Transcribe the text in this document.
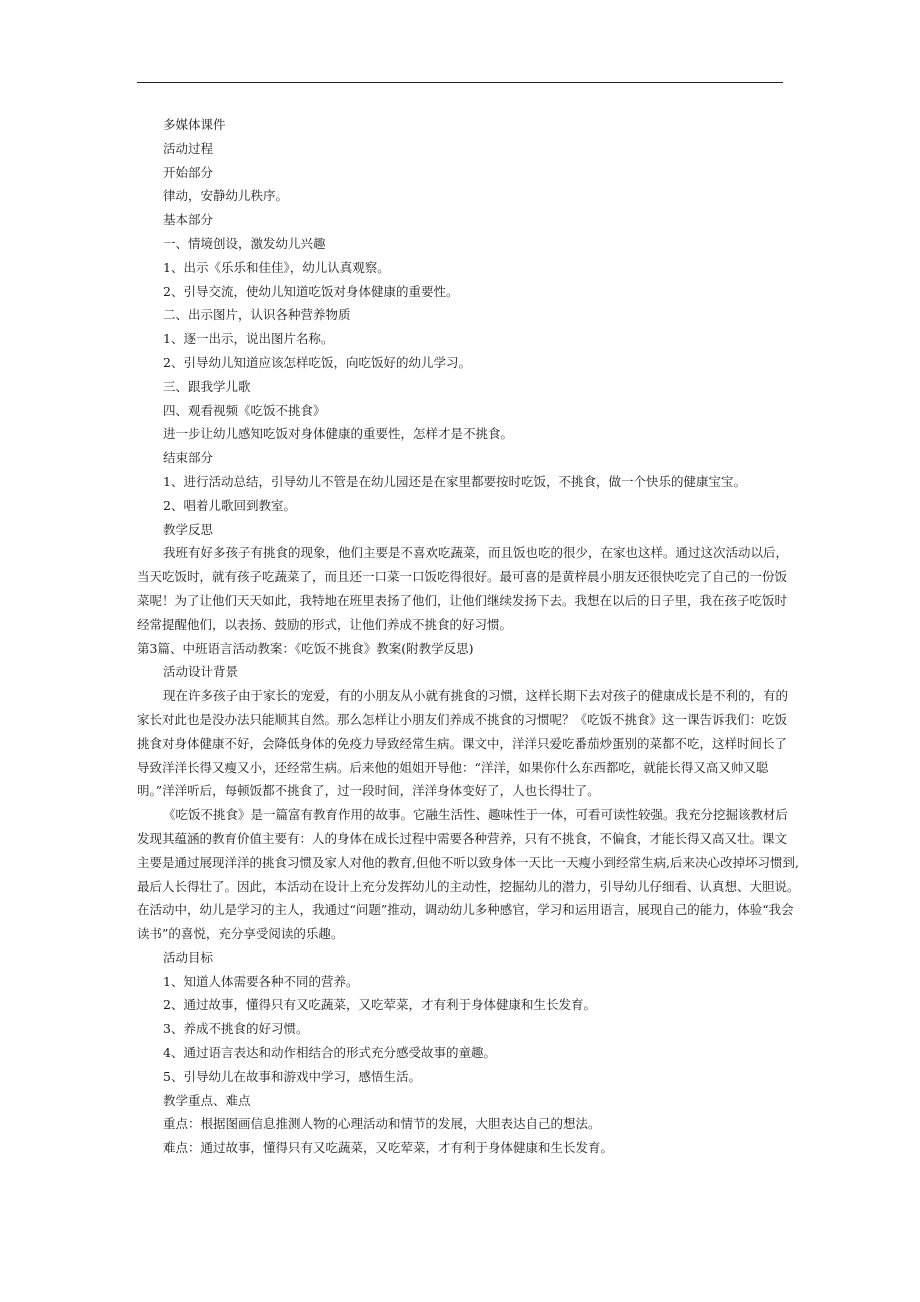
多媒体课件
活动过程
开始部分
律动，安静幼儿秩序。
基本部分
一、情境创设，激发幼儿兴趣
1、出示《乐乐和佳佳》，幼儿认真观察。
2、引导交流，使幼儿知道吃饭对身体健康的重要性。
二、出示图片，认识各种营养物质
1、逐一出示，说出图片名称。
2、引导幼儿知道应该怎样吃饭，向吃饭好的幼儿学习。
三、跟我学儿歌
四、观看视频《吃饭不挑食》
进一步让幼儿感知吃饭对身体健康的重要性，怎样才是不挑食。
结束部分
1、进行活动总结，引导幼儿不管是在幼儿园还是在家里都要按时吃饭，不挑食，做一个快乐的健康宝宝。
2、唱着儿歌回到教室。
教学反思
我班有好多孩子有挑食的现象，他们主要是不喜欢吃蔬菜，而且饭也吃的很少，在家也这样。通过这次活动以后，
当天吃饭时，就有孩子吃蔬菜了，而且还一口菜一口饭吃得很好。最可喜的是黄梓晨小朋友还很快吃完了自己的一份饭
菜呢！为了让他们天天如此，我特地在班里表扬了他们，让他们继续发扬下去。我想在以后的日子里，我在孩子吃饭时
经常提醒他们，以表扬、鼓励的形式，让他们养成不挑食的好习惯。
第3篇、中班语言活动教案：《吃饭不挑食》教案(附教学反思)
活动设计背景
现在许多孩子由于家长的宠爱，有的小朋友从小就有挑食的习惯，这样长期下去对孩子的健康成长是不利的，有的
家长对此也是没办法只能顺其自然。那么怎样让小朋友们养成不挑食的习惯呢？《吃饭不挑食》这一课告诉我们：吃饭
挑食对身体健康不好，会降低身体的免疫力导致经常生病。课文中，洋洋只爱吃番茄炒蛋别的菜都不吃，这样时间长了
导致洋洋长得又瘦又小，还经常生病。后来他的姐姐开导他：“洋洋，如果你什么东西都吃，就能长得又高又帅又聪
明。”洋洋听后，每顿饭都不挑食了，过一段时间，洋洋身体变好了，人也长得壮了。
《吃饭不挑食》是一篇富有教育作用的故事。它融生活性、趣味性于一体，可看可读性较强。我充分挖掘该教材后
发现其蕴涵的教育价值主要有：人的身体在成长过程中需要各种营养，只有不挑食，不偏食，才能长得又高又壮。课文
主要是通过展现洋洋的挑食习惯及家人对他的教育,但他不听以致身体一天比一天瘦小到经常生病,后来决心改掉坏习惯到,
最后人长得壮了。因此，本活动在设计上充分发挥幼儿的主动性，挖掘幼儿的潜力，引导幼儿仔细看、认真想、大胆说。
在活动中，幼儿是学习的主人，我通过“问题”推动，调动幼儿多种感官，学习和运用语言，展现自己的能力，体验“我会
读书”的喜悦，充分享受阅读的乐趣。
活动目标
1、知道人体需要各种不同的营养。
2、通过故事，懂得只有又吃蔬菜，又吃荤菜，才有利于身体健康和生长发育。
3、养成不挑食的好习惯。
4、通过语言表达和动作相结合的形式充分感受故事的童趣。
5、引导幼儿在故事和游戏中学习，感悟生活。
教学重点、难点
重点：根据图画信息推测人物的心理活动和情节的发展，大胆表达自己的想法。
难点：通过故事，懂得只有又吃蔬菜，又吃荤菜，才有利于身体健康和生长发育。
